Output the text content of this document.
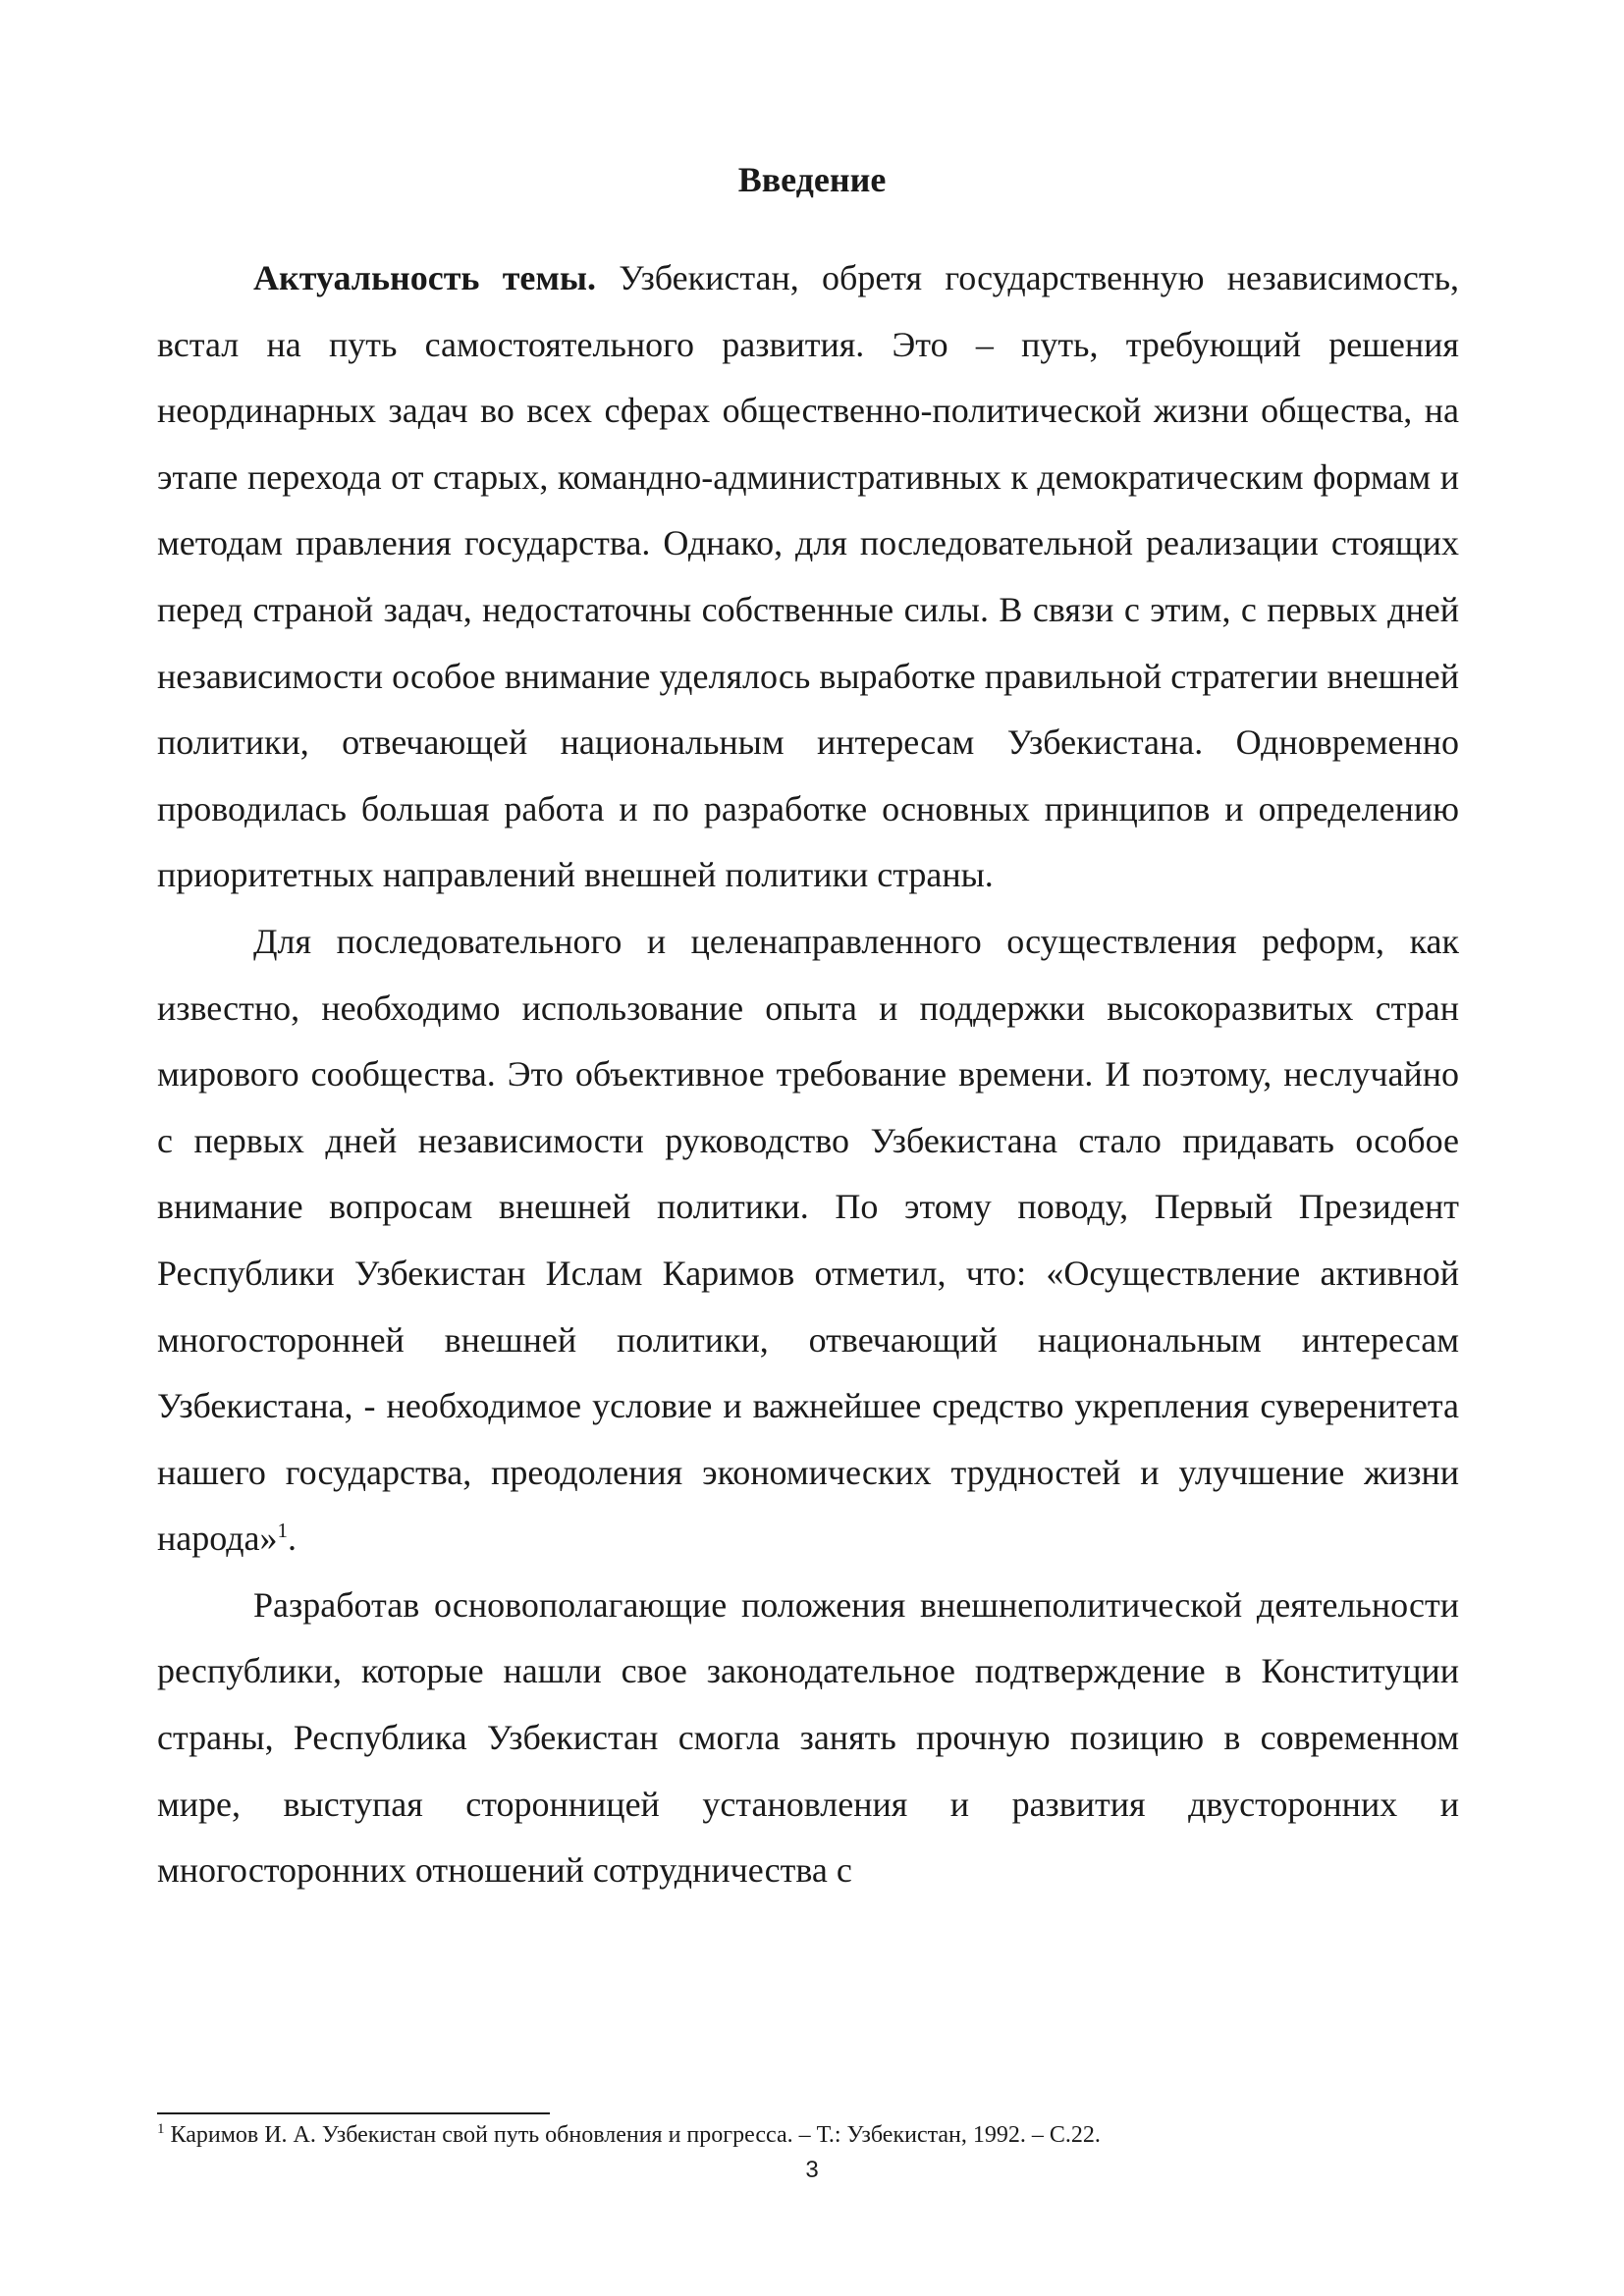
Введение

Актуальность темы. Узбекистан, обретя государственную независимость, встал на путь самостоятельного развития. Это – путь, требующий решения неординарных задач во всех сферах общественно-политической жизни общества, на этапе перехода от старых, командно-административных к демократическим формам и методам правления государства. Однако, для последовательной реализации стоящих перед страной задач, недостаточны собственные силы. В связи с этим, с первых дней независимости особое внимание уделялось выработке правильной стратегии внешней политики, отвечающей национальным интересам Узбекистана. Одновременно проводилась большая работа и по разработке основных принципов и определению приоритетных направлений внешней политики страны.

Для последовательного и целенаправленного осуществления реформ, как известно, необходимо использование опыта и поддержки высокоразвитых стран мирового сообщества. Это объективное требование времени. И поэтому, неслучайно с первых дней независимости руководство Узбекистана стало придавать особое внимание вопросам внешней политики. По этому поводу, Первый Президент Республики Узбекистан Ислам Каримов отметил, что: «Осуществление активной многосторонней внешней политики, отвечающий национальным интересам Узбекистана, - необходимое условие и важнейшее средство укрепления суверенитета нашего государства, преодоления экономических трудностей и улучшение жизни народа»$^1$.

Разработав основополагающие положения внешнеполитической деятельности республики, которые нашли свое законодательное подтверждение в Конституции страны, Республика Узбекистан смогла занять прочную позицию в современном мире, выступая сторонницей установления и развития двусторонних и многосторонних отношений сотрудничества с

$^1$ Каримов И. А. Узбекистан свой путь обновления и прогресса. – Т.: Узбекистан, 1992. – С.22.
3
